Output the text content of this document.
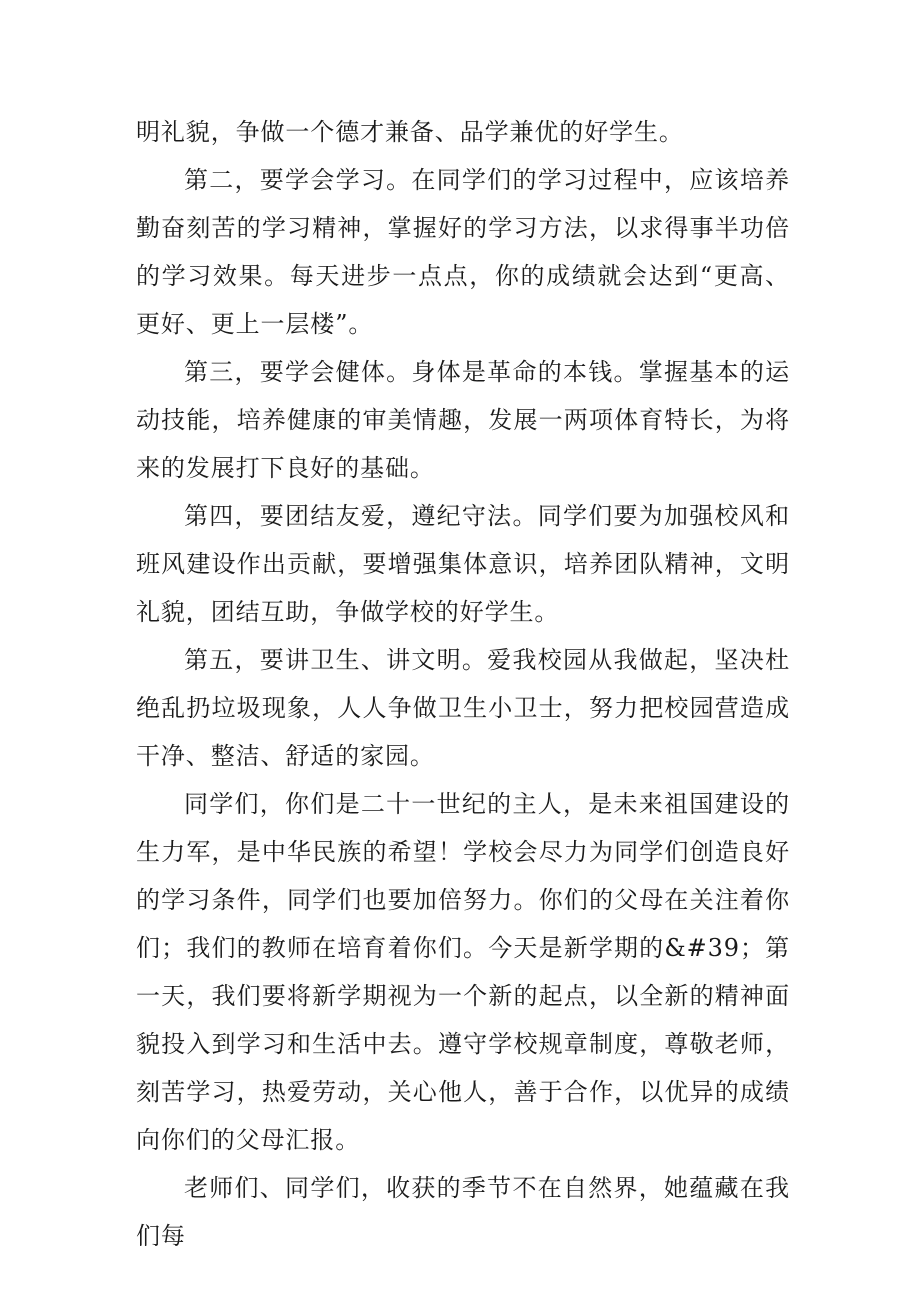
明礼貌，争做一个德才兼备、品学兼优的好学生。

第二，要学会学习。在同学们的学习过程中，应该培养勤奋刻苦的学习精神，掌握好的学习方法，以求得事半功倍的学习效果。每天进步一点点，你的成绩就会达到“更高、更好、更上一层楼”。

第三，要学会健体。身体是革命的本钱。掌握基本的运动技能，培养健康的审美情趣，发展一两项体育特长，为将来的发展打下良好的基础。

第四，要团结友爱，遵纪守法。同学们要为加强校风和班风建设作出贡献，要增强集体意识，培养团队精神，文明礼貌，团结互助，争做学校的好学生。

第五，要讲卫生、讲文明。爱我校园从我做起，坚决杜绝乱扔垃圾现象，人人争做卫生小卫士，努力把校园营造成干净、整洁、舒适的家园。

同学们，你们是二十一世纪的主人，是未来祖国建设的生力军，是中华民族的希望！学校会尽力为同学们创造良好的学习条件，同学们也要加倍努力。你们的父母在关注着你们；我们的教师在培育着你们。今天是新学期的&#39；第一天，我们要将新学期视为一个新的起点，以全新的精神面貌投入到学习和生活中去。遵守学校规章制度，尊敬老师，刻苦学习，热爱劳动，关心他人，善于合作，以优异的成绩向你们的父母汇报。

老师们、同学们，收获的季节不在自然界，她蕴藏在我们每
